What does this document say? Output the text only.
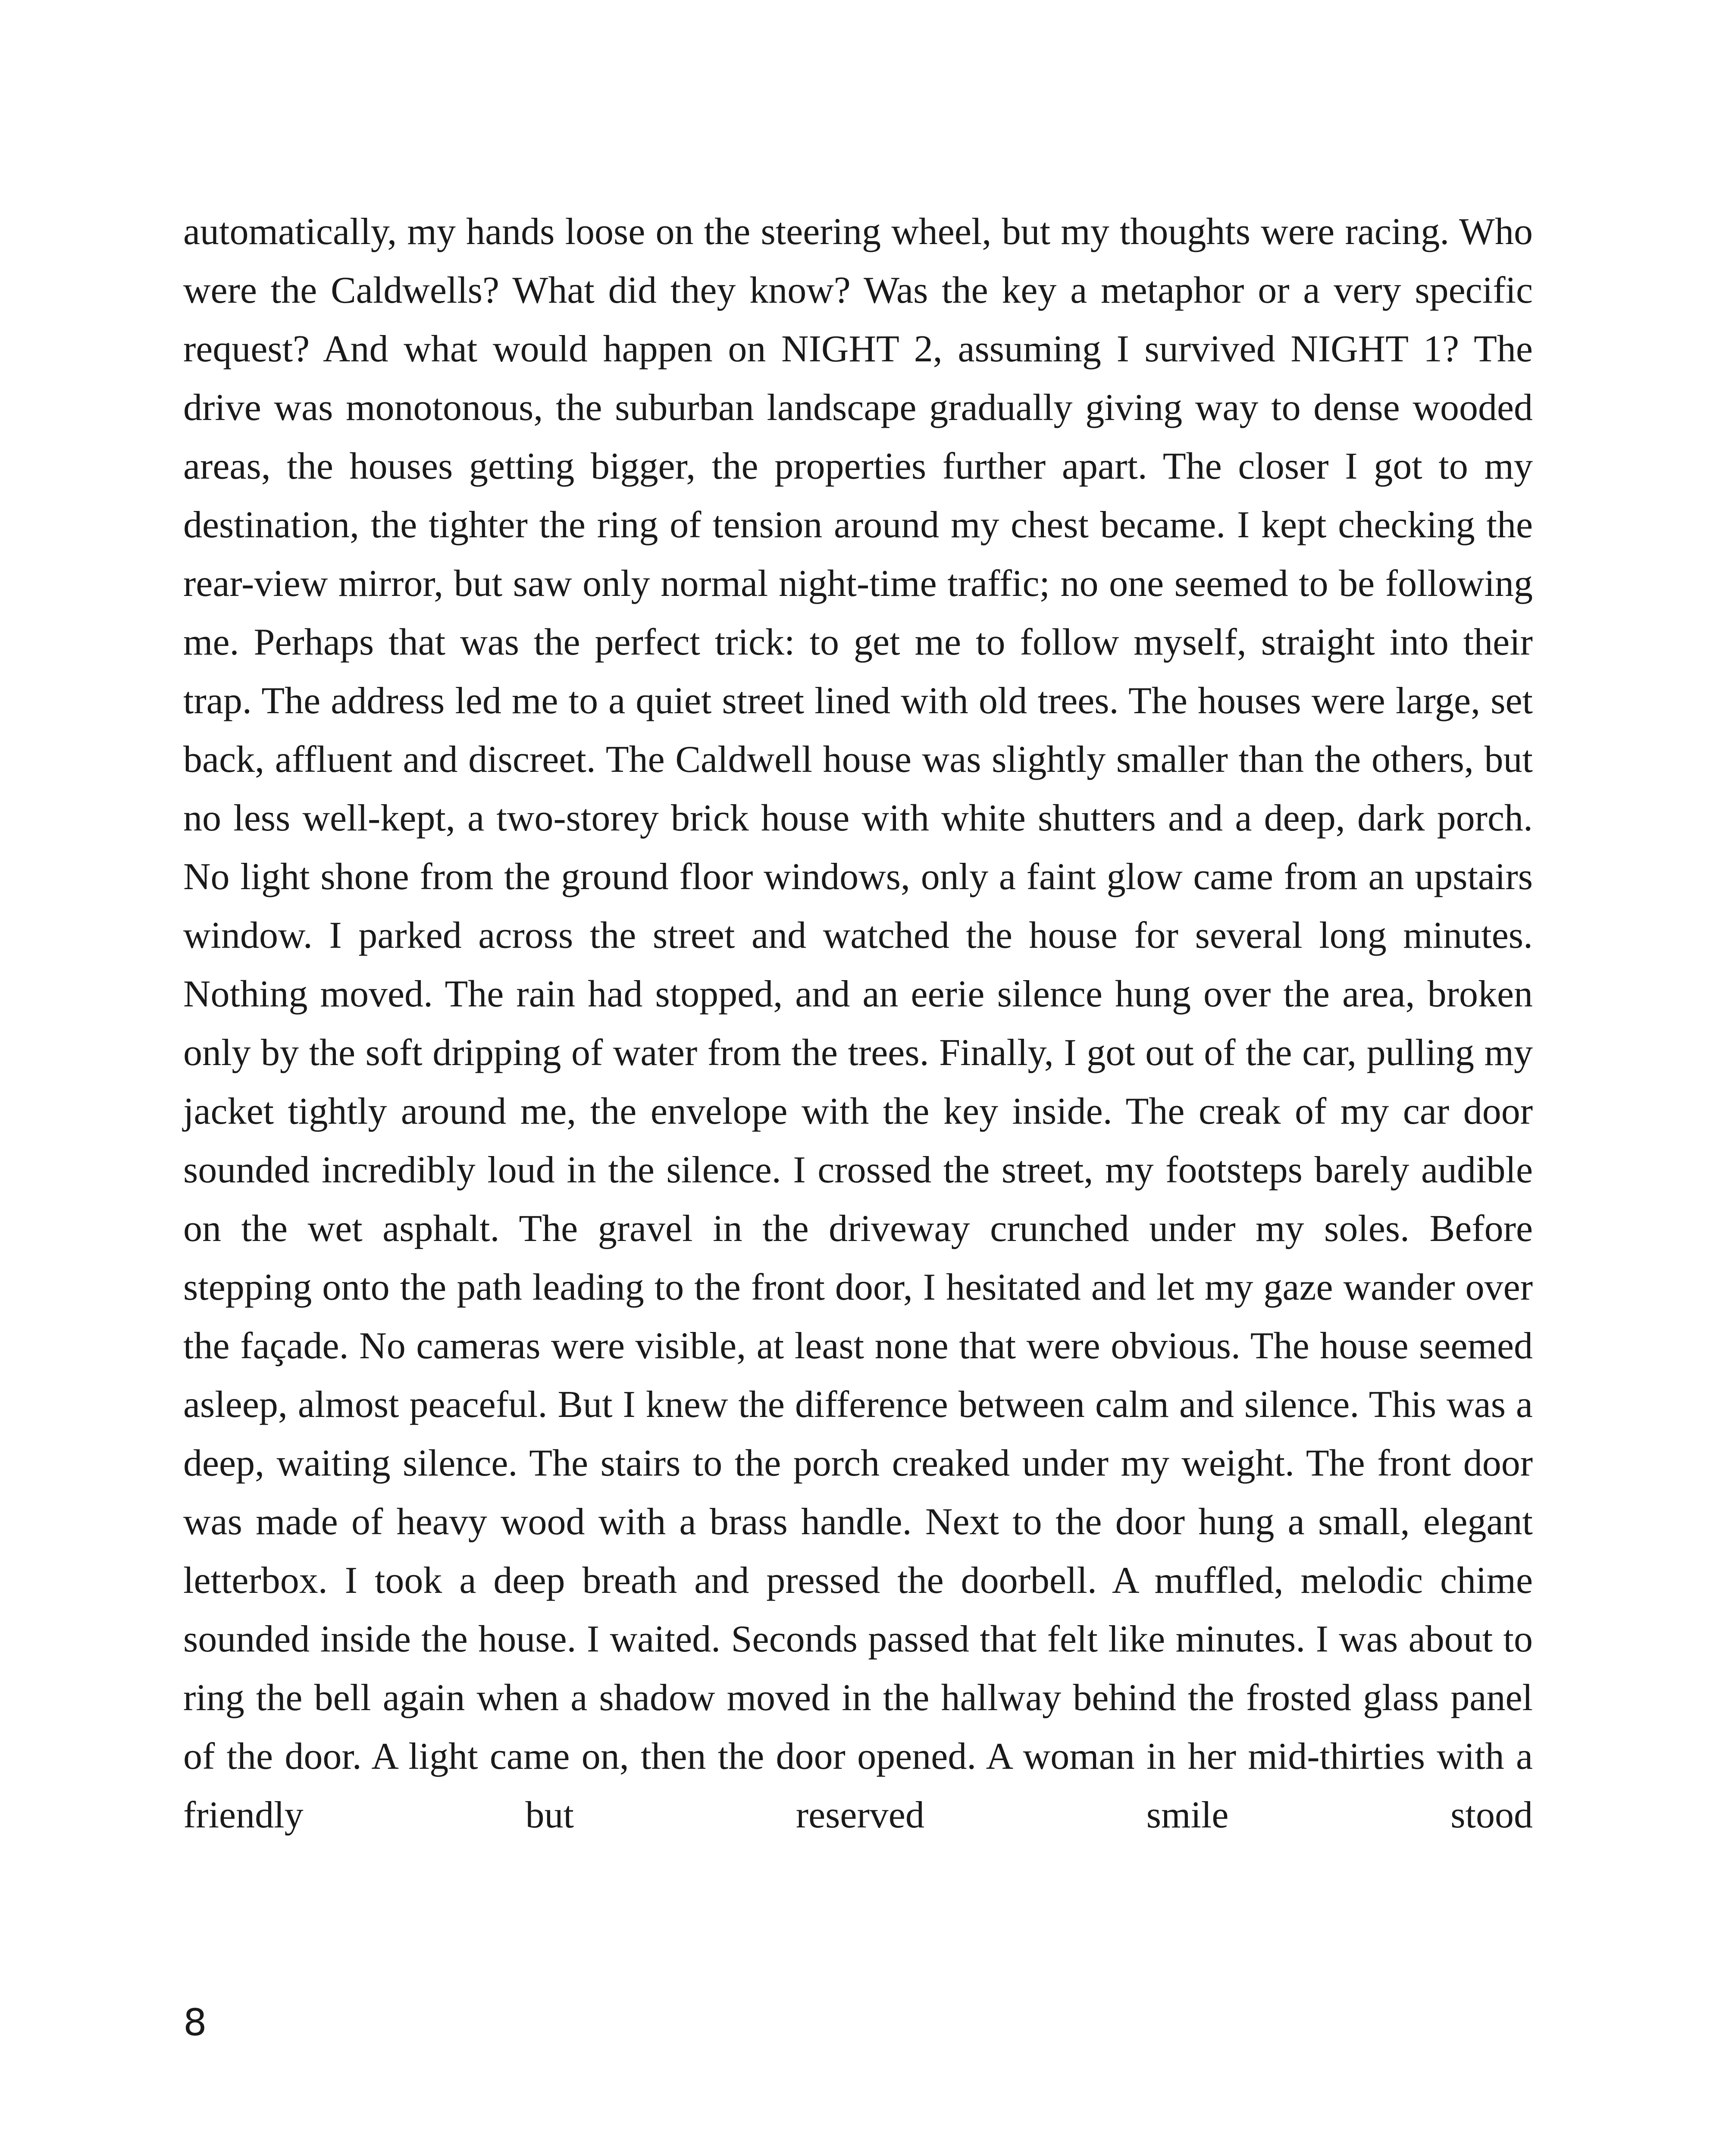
automatically, my hands loose on the steering wheel, but my thoughts were racing. Who were the Caldwells? What did they know? Was the key a metaphor or a very specific request? And what would happen on NIGHT 2, assuming I survived NIGHT 1? The drive was monotonous, the suburban landscape gradually giving way to dense wooded areas, the houses getting bigger, the properties further apart. The closer I got to my destination, the tighter the ring of tension around my chest became. I kept checking the rear-view mirror, but saw only normal night-time traffic; no one seemed to be following me. Perhaps that was the perfect trick: to get me to follow myself, straight into their trap. The address led me to a quiet street lined with old trees. The houses were large, set back, affluent and discreet. The Caldwell house was slightly smaller than the others, but no less well-kept, a two-storey brick house with white shutters and a deep, dark porch. No light shone from the ground floor windows, only a faint glow came from an upstairs window. I parked across the street and watched the house for several long minutes. Nothing moved. The rain had stopped, and an eerie silence hung over the area, broken only by the soft dripping of water from the trees. Finally, I got out of the car, pulling my jacket tightly around me, the envelope with the key inside. The creak of my car door sounded incredibly loud in the silence. I crossed the street, my footsteps barely audible on the wet asphalt. The gravel in the driveway crunched under my soles. Before stepping onto the path leading to the front door, I hesitated and let my gaze wander over the façade. No cameras were visible, at least none that were obvious. The house seemed asleep, almost peaceful. But I knew the difference between calm and silence. This was a deep, waiting silence. The stairs to the porch creaked under my weight. The front door was made of heavy wood with a brass handle. Next to the door hung a small, elegant letterbox. I took a deep breath and pressed the doorbell. A muffled, melodic chime sounded inside the house. I waited. Seconds passed that felt like minutes. I was about to ring the bell again when a shadow moved in the hallway behind the frosted glass panel of the door. A light came on, then the door opened. A woman in her mid-thirties with a friendly but reserved smile stood

8
